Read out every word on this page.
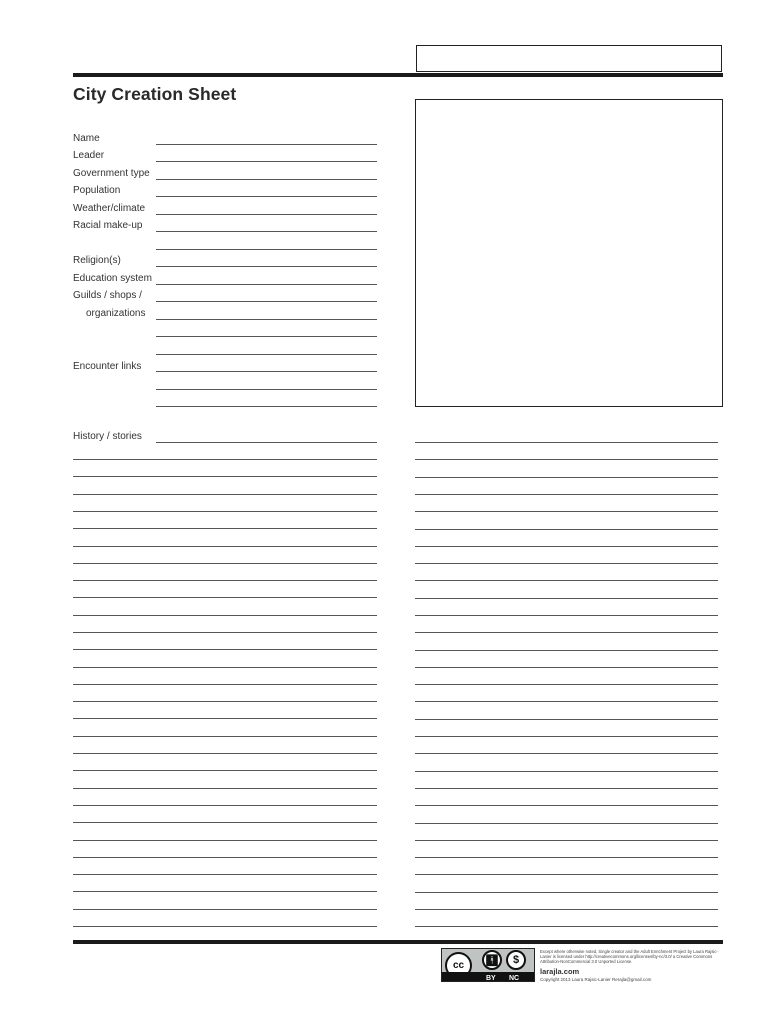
City Creation Sheet
Name
Leader
Government type
Population
Weather/climate
Racial make-up
Religion(s)
Education system
Guilds / shops /
organizations
Encounter links
History / stories
cc	🚹︎	$
BY NC
Except where otherwise noted, Single creator and the Adult Enrichment Project by Laura Rajsic-Lanier is licensed under http://creativecommons.org/licenses/by-nc/3.0/ a Creative Commons Attribution-NonCommercial 3.0 Unported License.
larajla.com
Copyright 2013 Laura Rajsic-Lanier Rerajla@gmail.com
